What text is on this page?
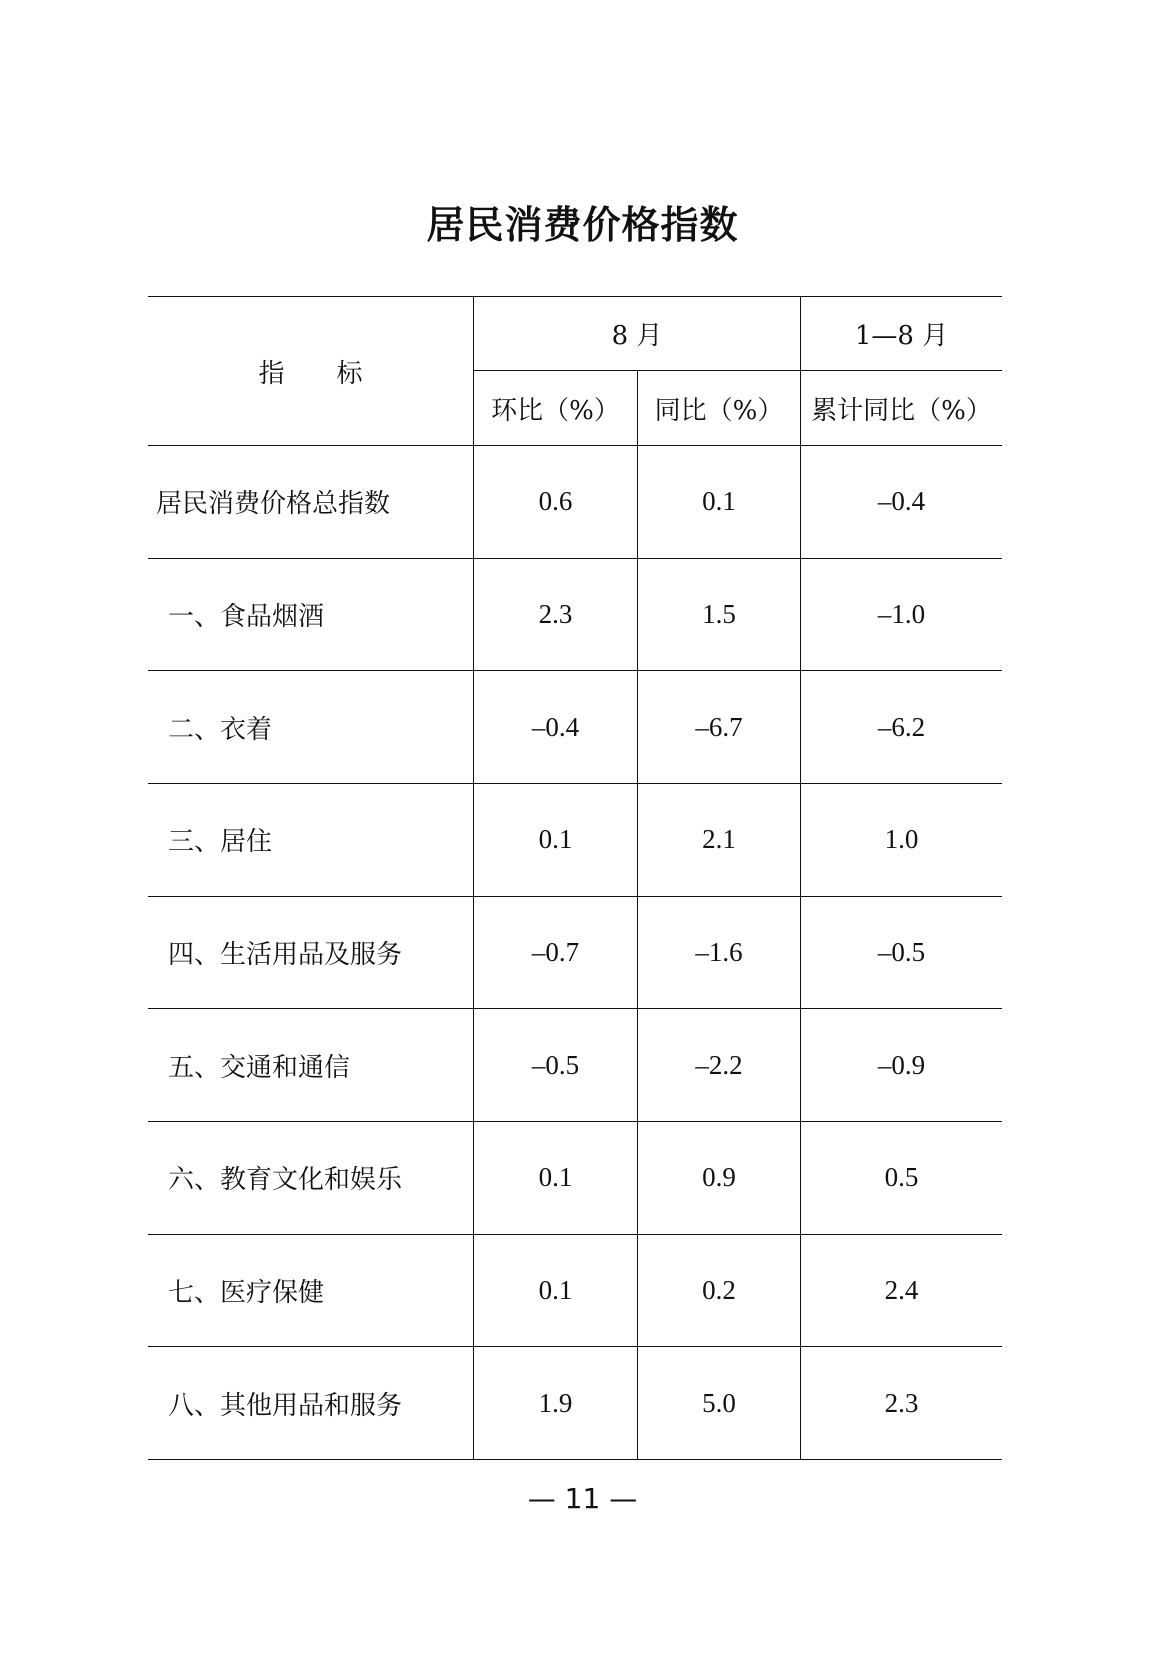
居民消费价格指数
指标
8 月	1—8 月
环比（%）	同比（%）	累计同比（%）
居民消费价格总指数	0.6	0.1	–0.4
一、食品烟酒	2.3	1.5	–1.0
二、衣着	–0.4	–6.7	–6.2
三、居住	0.1	2.1	1.0
四、生活用品及服务	–0.7	–1.6	–0.5
五、交通和通信	–0.5	–2.2	–0.9
六、教育文化和娱乐	0.1	0.9	0.5
七、医疗保健	0.1	0.2	2.4
八、其他用品和服务	1.9	5.0	2.3
— 11 —
